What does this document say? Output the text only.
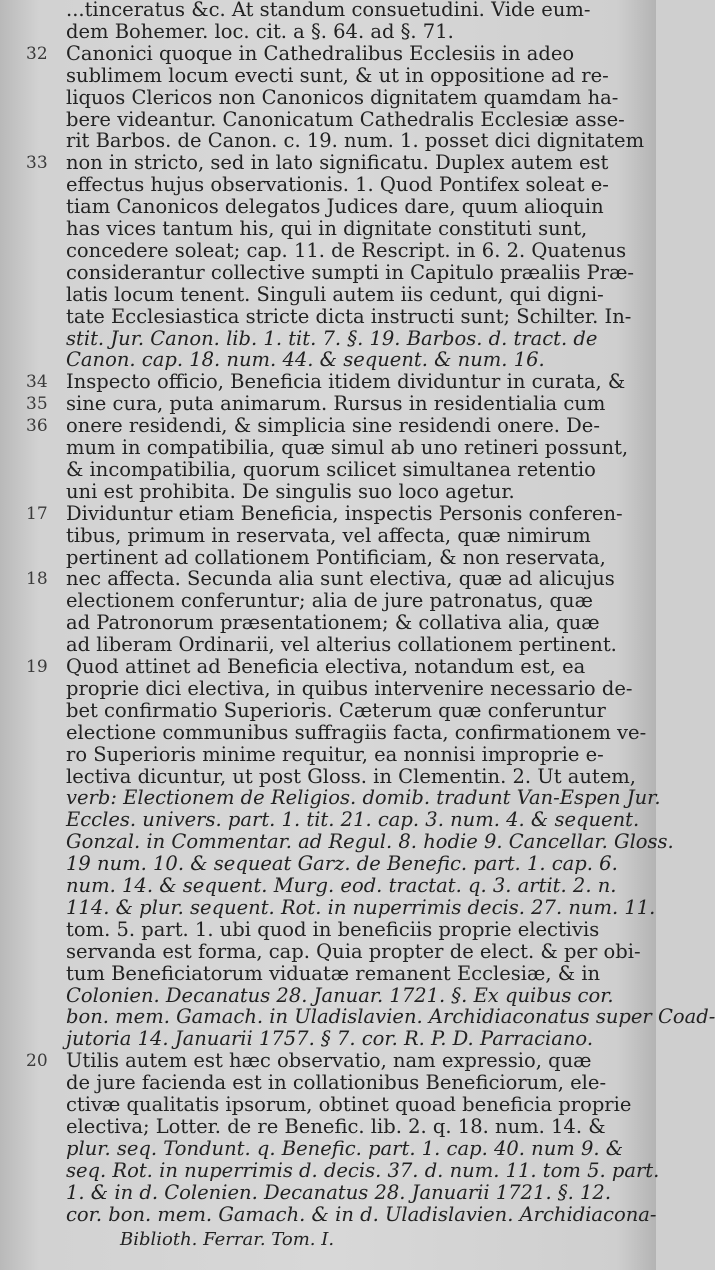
...tinceratus &c. At standum consuetudini. Vide eum-
dem Bohemer. loc. cit. a §. 64. ad §. 71.
32 Canonici quoque in Cathedralibus Ecclesiis in adeo
sublimem locum evecti sunt, & ut in oppositione ad re-
liquos Clericos non Canonicos dignitatem quamdam ha-
bere videantur. Canonicatum Cathedralis Ecclesiæ asse-
rit Barbos. de Canon. c. 19. num. 1. posset dici dignitatem
33 non in stricto, sed in lato significatu. Duplex autem est
effectus hujus observationis. 1. Quod Pontifex soleat e-
tiam Canonicos delegatos Judices dare, quum alioquin
has vices tantum his, qui in dignitate constituti sunt,
concedere soleat; cap. 11. de Rescript. in 6. 2. Quatenus
considerantur collective sumpti in Capitulo præaliis Præ-
latis locum tenent. Singuli autem iis cedunt, qui digni-
tate Ecclesiastica stricte dicta instructi sunt; Schilter. In-
stit. Jur. Canon. lib. 1. tit. 7. §. 19. Barbos. d. tract. de
Canon. cap. 18. num. 44. & sequent. & num. 16.
34 Inspecto officio, Beneficia itidem dividuntur in curata, &
35 sine cura, puta animarum. Rursus in residentialia cum
36 onere residendi, & simplicia sine residendi onere. De-
mum in compatibilia, quæ simul ab uno retineri possunt,
& incompatibilia, quorum scilicet simultanea retentio
uni est prohibita. De singulis suo loco agetur.
17 Dividuntur etiam Beneficia, inspectis Personis conferen-
tibus, primum in reservata, vel affecta, quæ nimirum
pertinent ad collationem Pontificiam, & non reservata,
18 nec affecta. Secunda alia sunt electiva, quæ ad alicujus
electionem conferuntur; alia de jure patronatus, quæ
ad Patronorum præsentationem; & collativa alia, quæ
ad liberam Ordinarii, vel alterius collationem pertinent.
19 Quod attinet ad Beneficia electiva, notandum est, ea
proprie dici electiva, in quibus intervenire necessario de-
bet confirmatio Superioris. Cæterum quæ conferuntur
electione communibus suffragiis facta, confirmationem ve-
ro Superioris minime requitur, ea nonnisi improprie e-
lectiva dicuntur, ut post Gloss. in Clementin. 2. Ut autem,
verb: Electionem de Religios. domib. tradunt Van-Espen Jur.
Eccles. univers. part. 1. tit. 21. cap. 3. num. 4. & sequent.
Gonzal. in Commentar. ad Regul. 8. hodie 9. Cancellar. Gloss.
19 num. 10. & sequeat Garz. de Benefic. part. 1. cap. 6.
num. 14. & sequent. Murg. eod. tractat. q. 3. artit. 2. n.
114. & plur. sequent. Rot. in nuperrimis decis. 27. num. 11.
tom. 5. part. 1. ubi quod in beneficiis proprie electivis
servanda est forma, cap. Quia propter de elect. & per obi-
tum Beneficiatorum viduatæ remanent Ecclesiæ, & in
Colonien. Decanatus 28. Januar. 1721. §. Ex quibus cor.
bon. mem. Gamach. in Uladislavien. Archidiaconatus super Coad-
jutoria 14. Januarii 1757. § 7. cor. R. P. D. Parraciano.
20 Utilis autem est hæc observatio, nam expressio, quæ
de jure facienda est in collationibus Beneficiorum, ele-
ctivæ qualitatis ipsorum, obtinet quoad beneficia proprie
electiva; Lotter. de re Benefic. lib. 2. q. 18. num. 14. &
plur. seq. Tondunt. q. Benefic. part. 1. cap. 40. num 9. &
seq. Rot. in nuperrimis d. decis. 37. d. num. 11. tom 5. part.
1. & in d. Colenien. Decanatus 28. Januarii 1721. §. 12.
cor. bon. mem. Gamach. & in d. Uladislavien. Archidiacona-
Biblioth. Ferrar. Tom. I.
